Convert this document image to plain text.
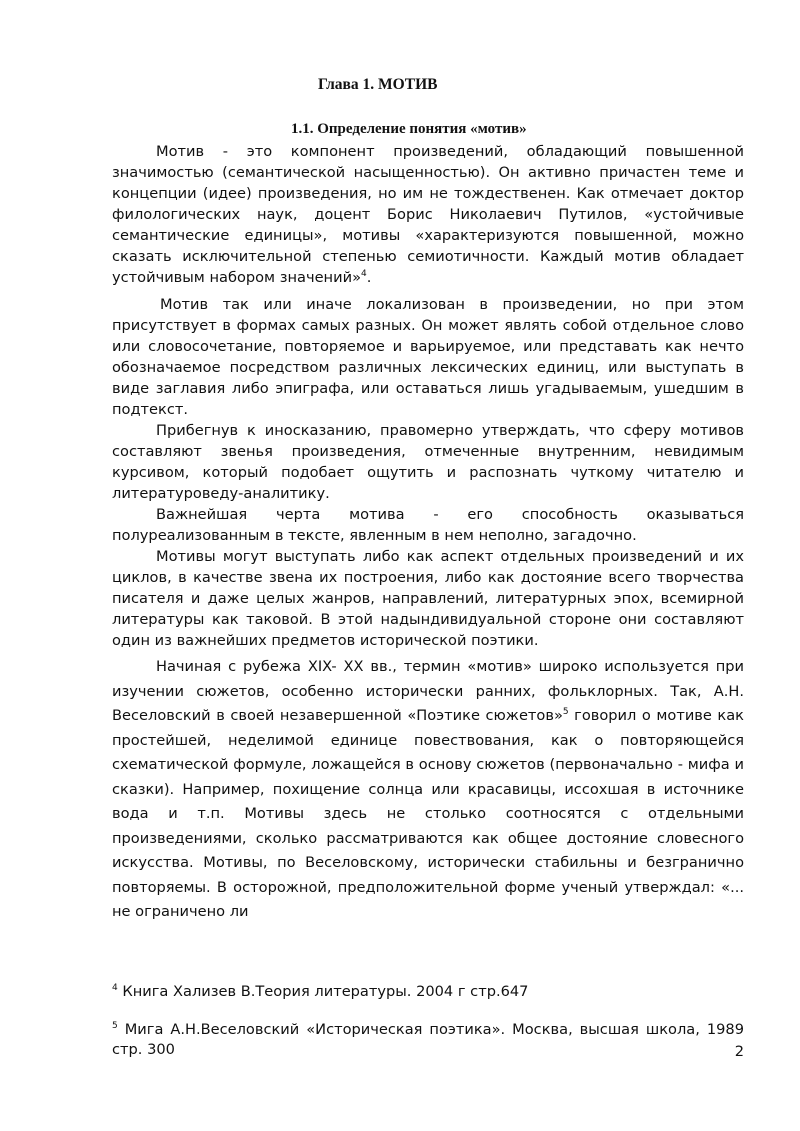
Глава 1. МОТИВ
1.1. Определение понятия «мотив»

Мотив - это компонент произведений, обладающий повышенной значимостью (семантической насыщенностью). Он активно причастен теме и концепции (идее) произведения, но им не тождественен. Как отмечает доктор филологических наук, доцент Борис Николаевич Путилов, «устойчивые семантические единицы», мотивы «характеризуются повышенной, можно сказать исключительной степенью семиотичности. Каждый мотив обладает устойчивым набором значений»$^4$.

Мотив так или иначе локализован в произведении, но при этом присутствует в формах самых разных. Он может являть собой отдельное слово или словосочетание, повторяемое и варьируемое, или представать как нечто обозначаемое посредством различных лексических единиц, или выступать в виде заглавия либо эпиграфа, или оставаться лишь угадываемым, ушедшим в подтекст.

Прибегнув к иносказанию, правомерно утверждать, что сферу мотивов составляют звенья произведения, отмеченные внутренним, невидимым курсивом, который подобает ощутить и распознать чуткому читателю и литературоведу-аналитику.

Важнейшая черта мотива - его способность оказываться полуреализованным в тексте, явленным в нем неполно, загадочно.

Мотивы могут выступать либо как аспект отдельных произведений и их циклов, в качестве звена их построения, либо как достояние всего творчества писателя и даже целых жанров, направлений, литературных эпох, всемирной литературы как таковой. В этой надындивидуальной стороне они составляют один из важнейших предметов исторической поэтики.

Начиная с рубежа XIX- XX вв., термин «мотив» широко используется при изучении сюжетов, особенно исторически ранних, фольклорных. Так, А.Н. Веселовский в своей незавершенной «Поэтике сюжетов»$^5$ говорил о мотиве как простейшей, неделимой единице повествования, как о повторяющейся схематической формуле, ложащейся в основу сюжетов (первоначально - мифа и сказки). Например, похищение солнца или красавицы, иссохшая в источнике вода и т.п. Мотивы здесь не столько соотносятся с отдельными произведениями, сколько рассматриваются как общее достояние словесного искусства. Мотивы, по Веселовскому, исторически стабильны и безгранично повторяемы. В осторожной, предположительной форме ученый утверждал: «... не ограничено ли

$^4$ Книга Хализев В.Теория литературы. 2004 г стр.647

$^5$ Мига А.Н.Веселовский «Историческая поэтика». Москва, высшая школа, 1989 стр. 300	2
